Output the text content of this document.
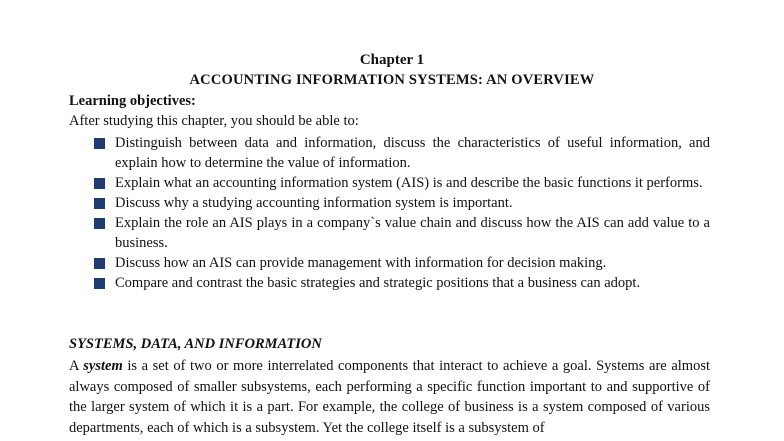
Chapter 1
ACCOUNTING INFORMATION SYSTEMS: AN OVERVIEW
Learning objectives:
After studying this chapter, you should be able to:
Distinguish between data and information, discuss the characteristics of useful information, and explain how to determine the value of information.
Explain what an accounting information system (AIS) is and describe the basic functions it performs.
Discuss why a studying accounting information system is important.
Explain the role an AIS plays in a company`s value chain and discuss how the AIS can add value to a business.
Discuss how an AIS can provide management with information for decision making.
Compare and contrast the basic strategies and strategic positions that a business can adopt.
SYSTEMS, DATA, AND INFORMATION

A system is a set of two or more interrelated components that interact to achieve a goal. Systems are almost always composed of smaller subsystems, each performing a specific function important to and supportive of the larger system of which it is a part. For example, the college of business is a system composed of various departments, each of which is a subsystem. Yet the college itself is a subsystem of
